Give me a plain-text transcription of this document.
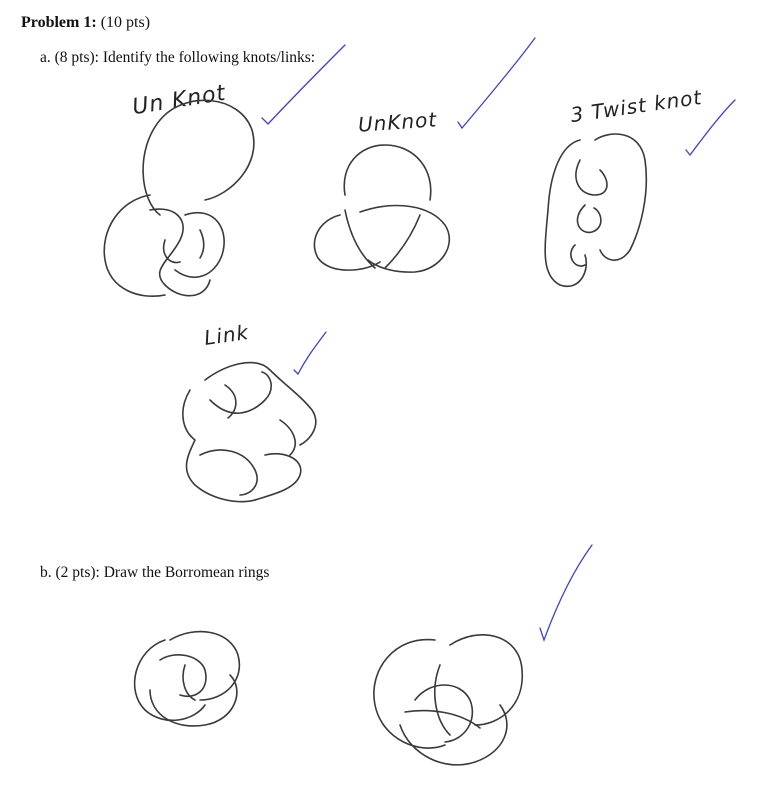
Problem 1: (10 pts)
a. (8 pts): Identify the following knots/links:
Un Knot
UnKnot	3 Twist knot
Link
b. (2 pts): Draw the Borromean rings
